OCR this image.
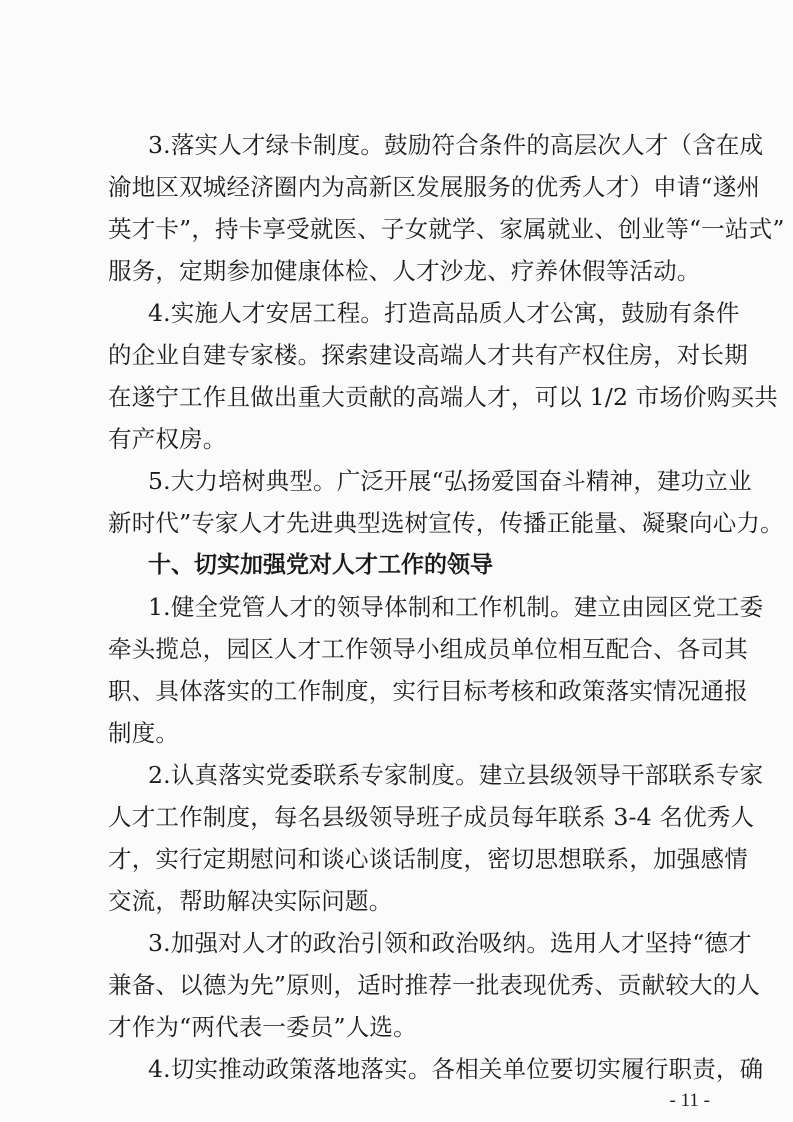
3.落实人才绿卡制度。鼓励符合条件的高层次人才（含在成
渝地区双城经济圈内为高新区发展服务的优秀人才）申请“遂州
英才卡”，持卡享受就医、子女就学、家属就业、创业等“一站式”
服务，定期参加健康体检、人才沙龙、疗养休假等活动。
4.实施人才安居工程。打造高品质人才公寓，鼓励有条件
的企业自建专家楼。探索建设高端人才共有产权住房，对长期
在遂宁工作且做出重大贡献的高端人才，可以 1/2 市场价购买共
有产权房。
5.大力培树典型。广泛开展“弘扬爱国奋斗精神，建功立业
新时代”专家人才先进典型选树宣传，传播正能量、凝聚向心力。
十、切实加强党对人才工作的领导
1.健全党管人才的领导体制和工作机制。建立由园区党工委
牵头揽总，园区人才工作领导小组成员单位相互配合、各司其
职、具体落实的工作制度，实行目标考核和政策落实情况通报
制度。
2.认真落实党委联系专家制度。建立县级领导干部联系专家
人才工作制度，每名县级领导班子成员每年联系 3-4 名优秀人
才，实行定期慰问和谈心谈话制度，密切思想联系，加强感情
交流，帮助解决实际问题。
3.加强对人才的政治引领和政治吸纳。选用人才坚持“德才
兼备、以德为先”原则，适时推荐一批表现优秀、贡献较大的人
才作为“两代表一委员”人选。
4.切实推动政策落地落实。各相关单位要切实履行职责，确
- 11 -
